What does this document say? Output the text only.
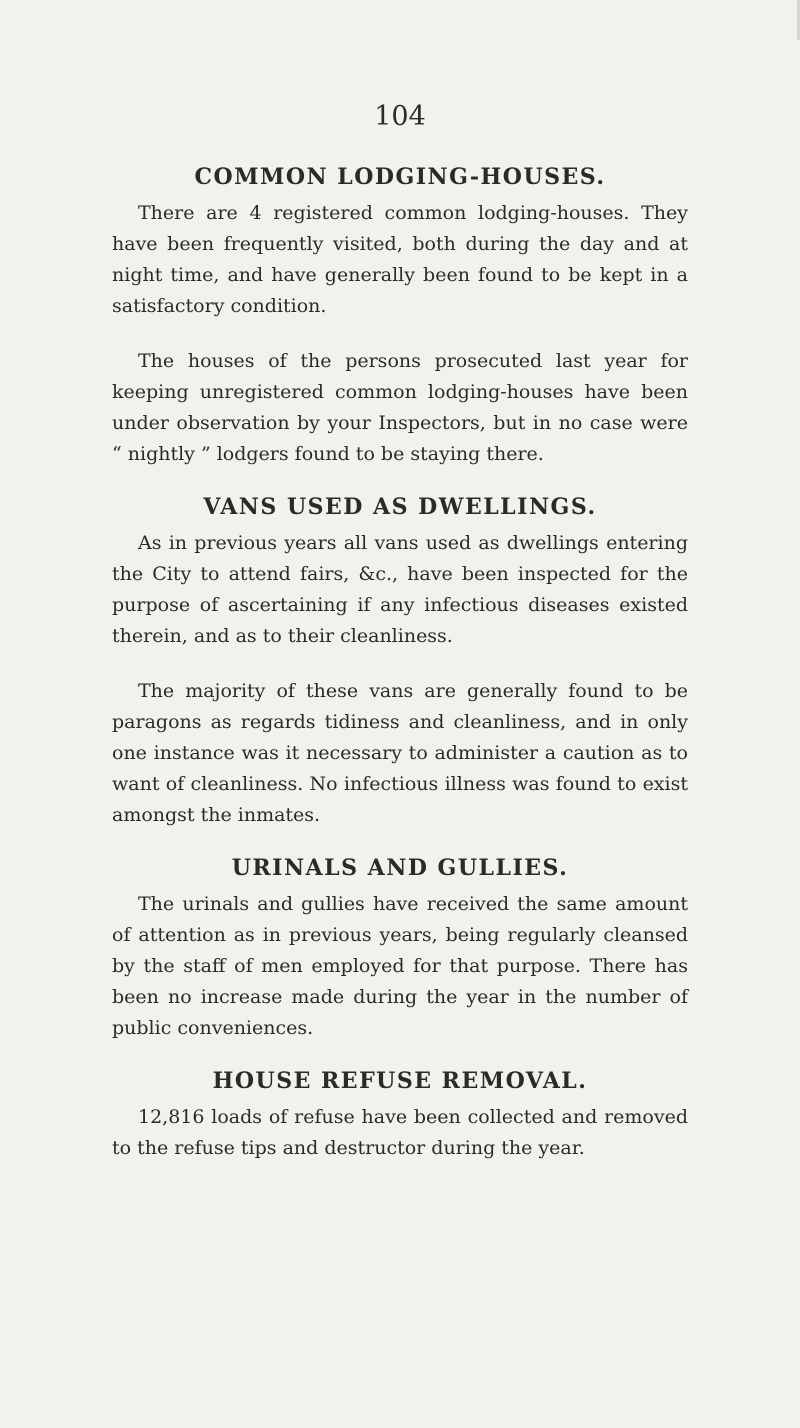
104
COMMON LODGING-HOUSES.

There are 4 registered common lodging-houses. They have been frequently visited, both during the day and at night time, and have generally been found to be kept in a satisfactory condition.

The houses of the persons prosecuted last year for keeping unregistered common lodging-houses have been under observation by your Inspectors, but in no case were “ nightly ” lodgers found to be staying there.

VANS USED AS DWELLINGS.

As in previous years all vans used as dwellings entering the City to attend fairs, &c., have been inspected for the purpose of ascertaining if any infectious diseases existed therein, and as to their cleanliness.

The majority of these vans are generally found to be paragons as regards tidiness and cleanliness, and in only one instance was it necessary to administer a caution as to want of cleanliness. No infectious illness was found to exist amongst the inmates.

URINALS AND GULLIES.

The urinals and gullies have received the same amount of attention as in previous years, being regularly cleansed by the staff of men employed for that purpose. There has been no increase made during the year in the number of public conveniences.

HOUSE REFUSE REMOVAL.

12,816 loads of refuse have been collected and removed to the refuse tips and destructor during the year.
